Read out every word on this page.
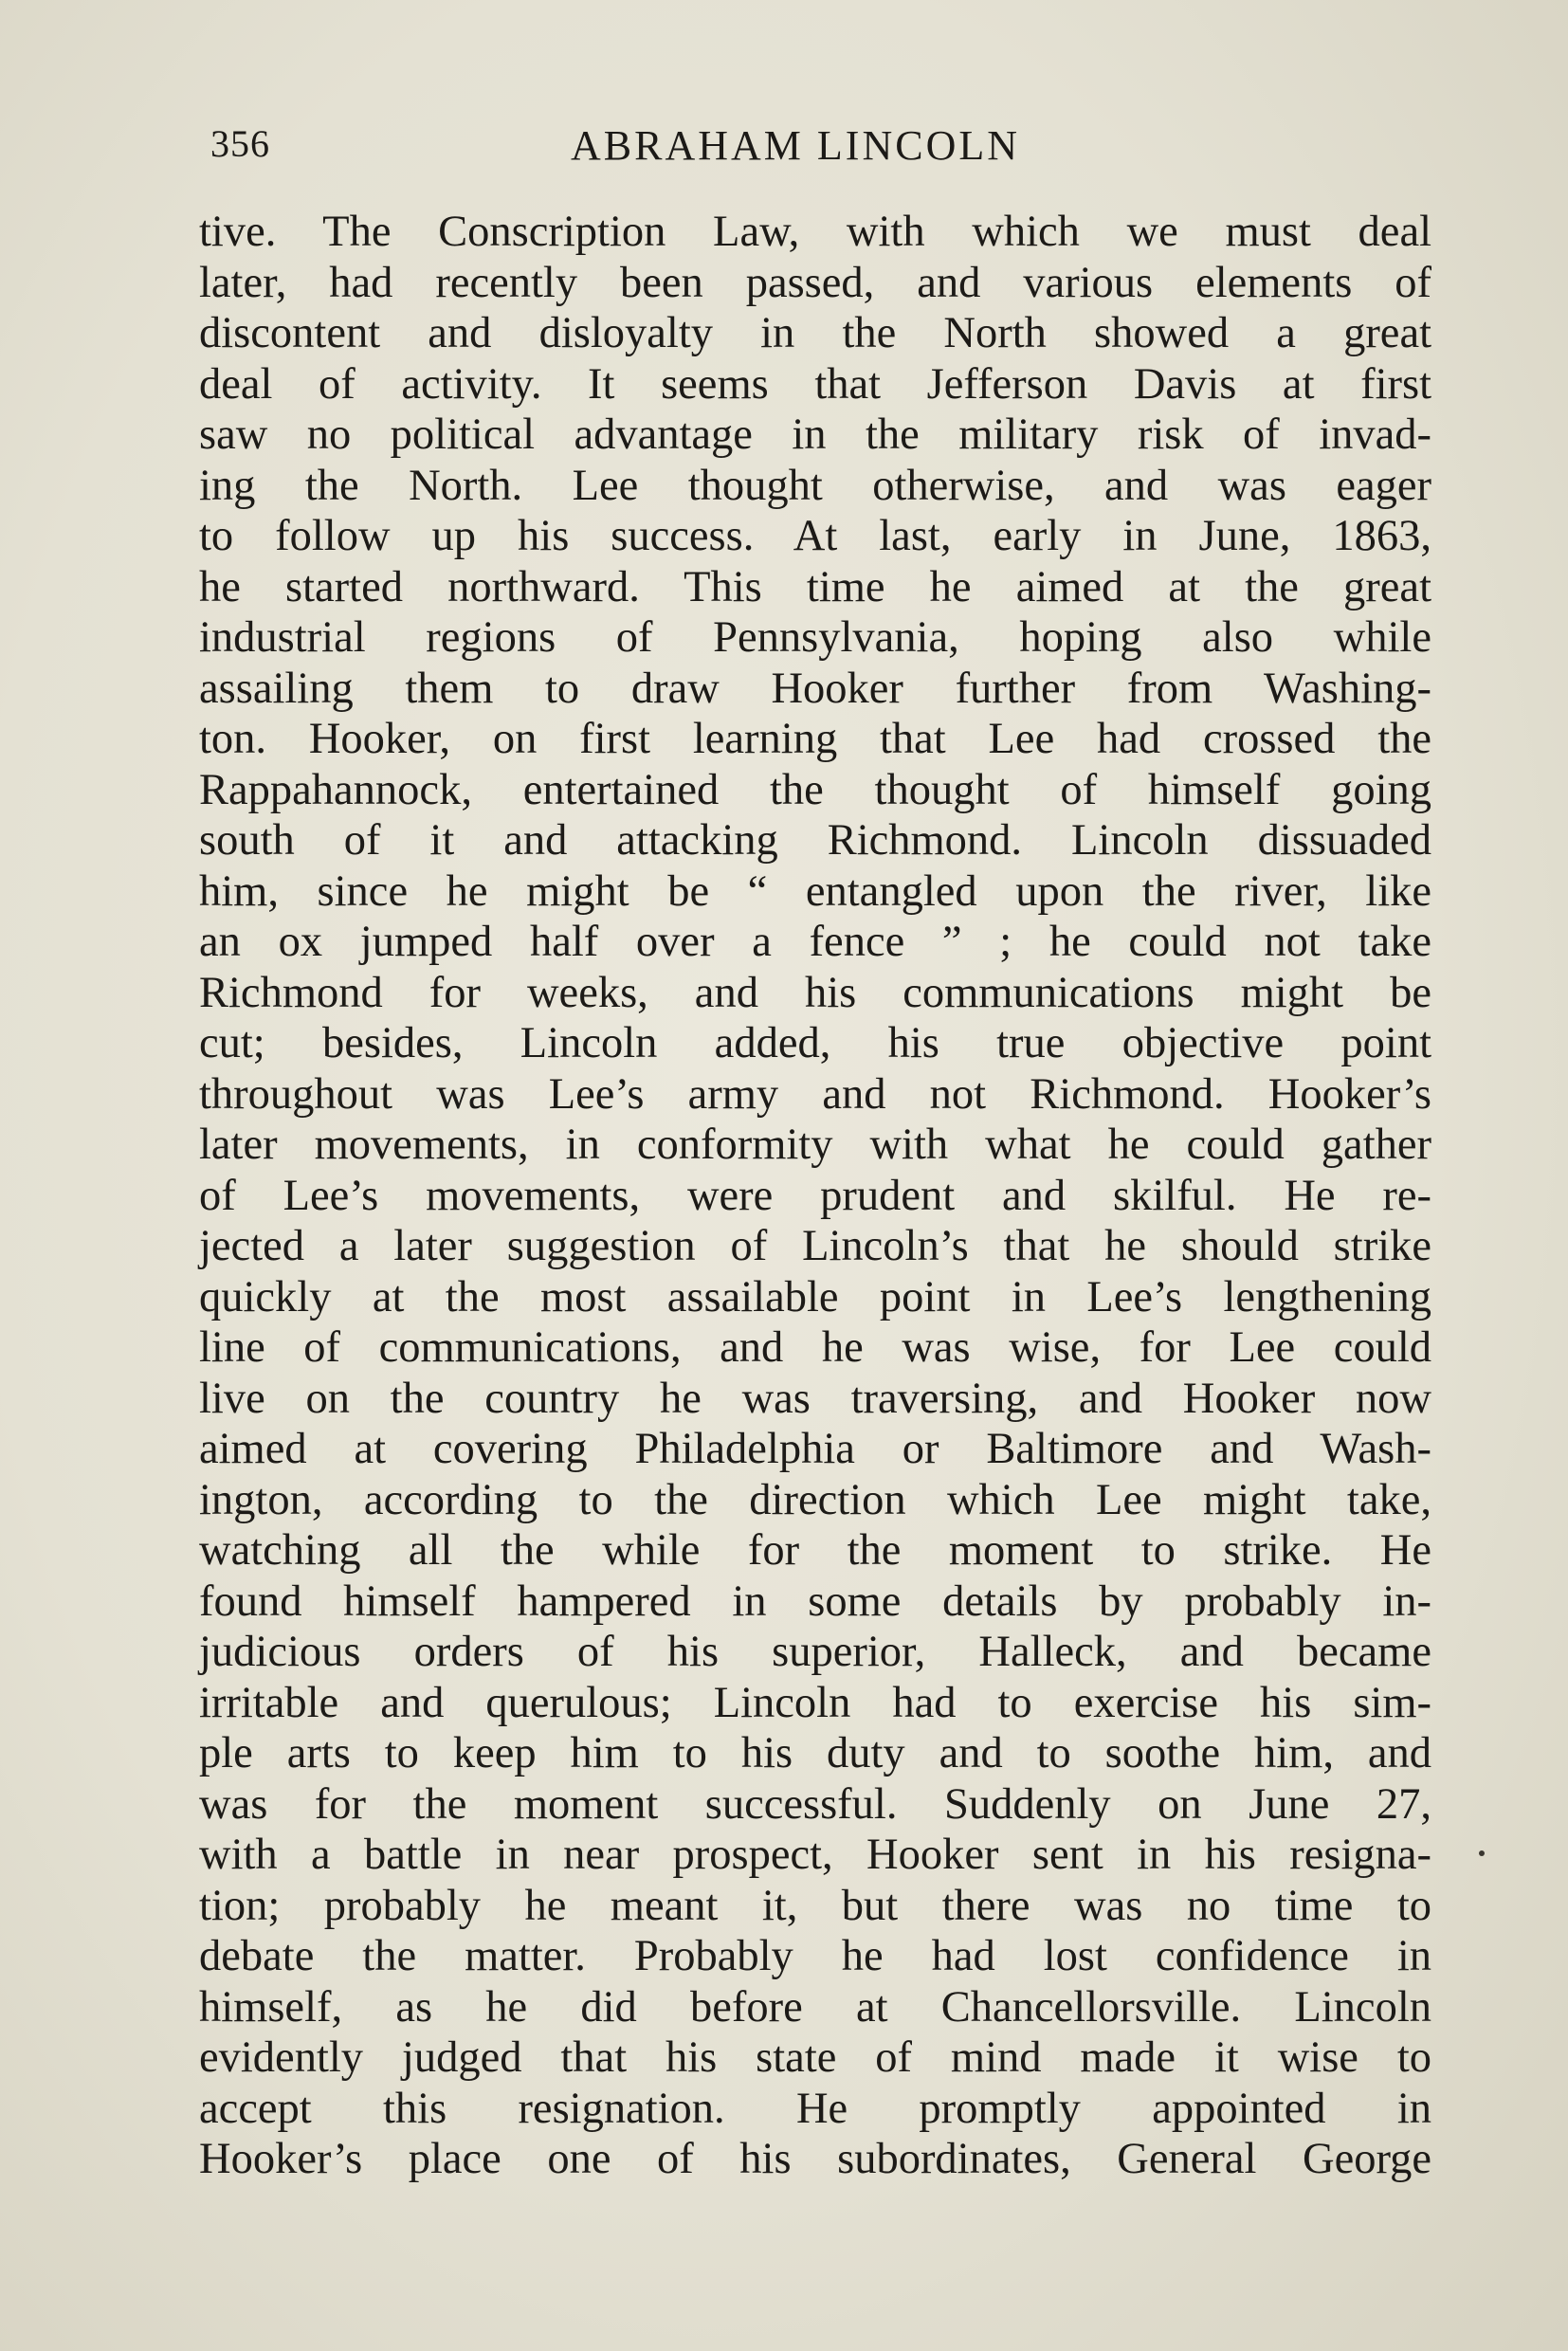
356	ABRAHAM LINCOLN
tive. The Conscription Law, with which we must deal
later, had recently been passed, and various elements of
discontent and disloyalty in the North showed a great
deal of activity. It seems that Jefferson Davis at first
saw no political advantage in the military risk of invad-
ing the North. Lee thought otherwise, and was eager
to follow up his success. At last, early in June, 1863,
he started northward. This time he aimed at the great
industrial regions of Pennsylvania, hoping also while
assailing them to draw Hooker further from Washing-
ton. Hooker, on first learning that Lee had crossed the
Rappahannock, entertained the thought of himself going
south of it and attacking Richmond. Lincoln dissuaded
him, since he might be “ entangled upon the river, like
an ox jumped half over a fence ” ; he could not take
Richmond for weeks, and his communications might be
cut; besides, Lincoln added, his true objective point
throughout was Lee’s army and not Richmond. Hooker’s
later movements, in conformity with what he could gather
of Lee’s movements, were prudent and skilful. He re-
jected a later suggestion of Lincoln’s that he should strike
quickly at the most assailable point in Lee’s lengthening
line of communications, and he was wise, for Lee could
live on the country he was traversing, and Hooker now
aimed at covering Philadelphia or Baltimore and Wash-
ington, according to the direction which Lee might take,
watching all the while for the moment to strike. He
found himself hampered in some details by probably in-
judicious orders of his superior, Halleck, and became
irritable and querulous; Lincoln had to exercise his sim-
ple arts to keep him to his duty and to soothe him, and
was for the moment successful. Suddenly on June 27,
with a battle in near prospect, Hooker sent in his resigna-
tion; probably he meant it, but there was no time to
debate the matter. Probably he had lost confidence in
himself, as he did before at Chancellorsville. Lincoln
evidently judged that his state of mind made it wise to
accept this resignation. He promptly appointed in
Hooker’s place one of his subordinates, General George
